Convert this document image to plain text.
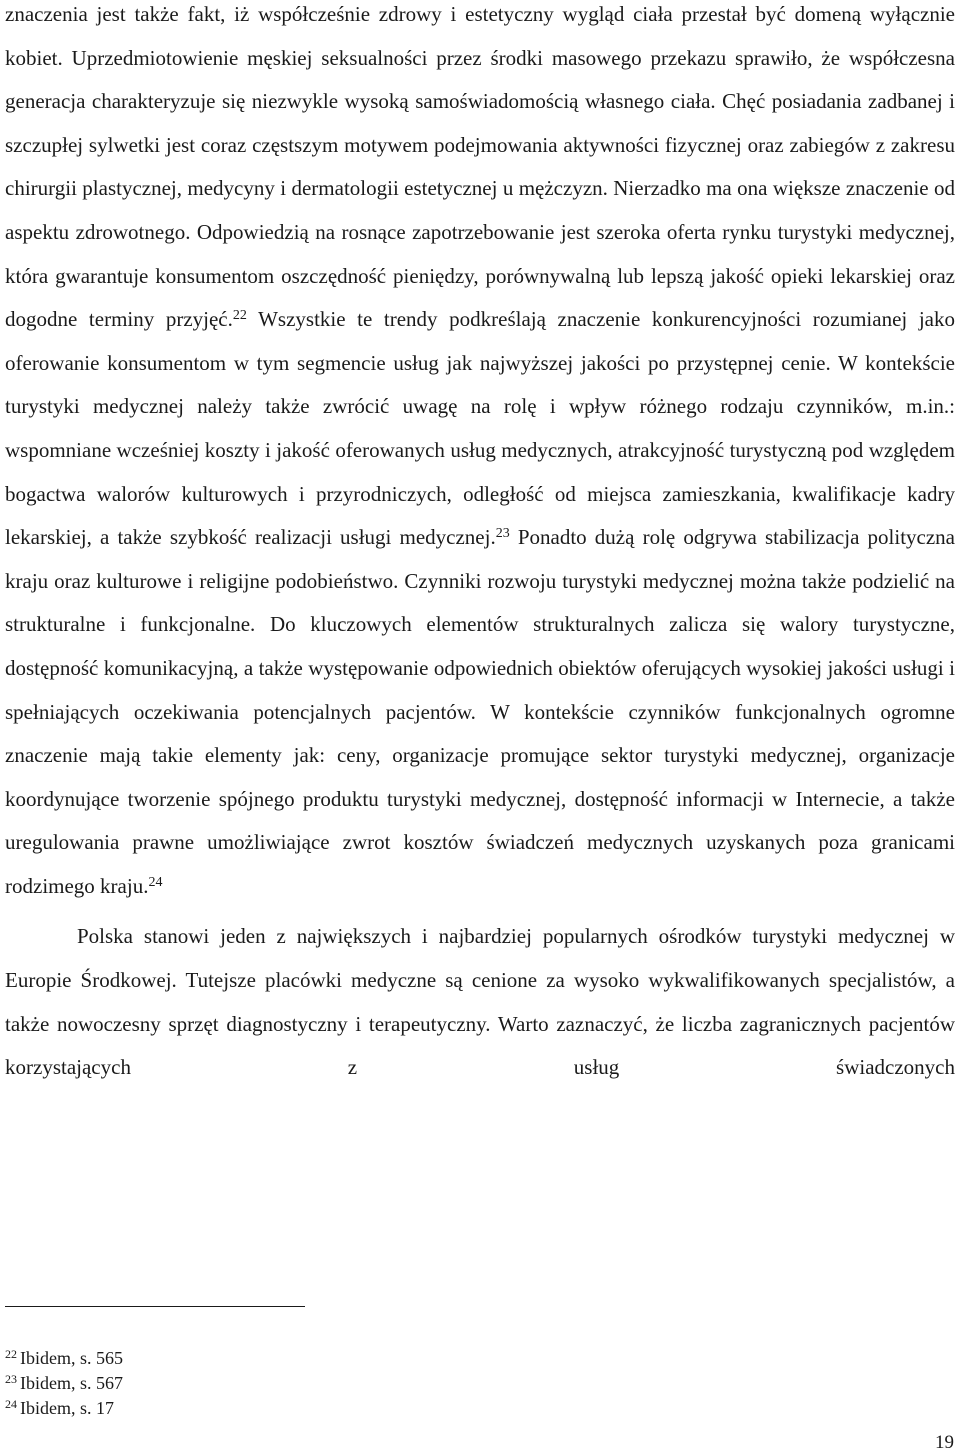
znaczenia jest także fakt, iż współcześnie zdrowy i estetyczny wygląd ciała przestał być domeną wyłącznie kobiet. Uprzedmiotowienie męskiej seksualności przez środki masowego przekazu sprawiło, że współczesna generacja charakteryzuje się niezwykle wysoką samoświadomością własnego ciała. Chęć posiadania zadbanej i szczupłej sylwetki jest coraz częstszym motywem podejmowania aktywności fizycznej oraz zabiegów z zakresu chirurgii plastycznej, medycyny i dermatologii estetycznej u mężczyzn. Nierzadko ma ona większe znaczenie od aspektu zdrowotnego. Odpowiedzią na rosnące zapotrzebowanie jest szeroka oferta rynku turystyki medycznej, która gwarantuje konsumentom oszczędność pieniędzy, porównywalną lub lepszą jakość opieki lekarskiej oraz dogodne terminy przyjęć.$^{22}$ Wszystkie te trendy podkreślają znaczenie konkurencyjności rozumianej jako oferowanie konsumentom w tym segmencie usług jak najwyższej jakości po przystępnej cenie. W kontekście turystyki medycznej należy także zwrócić uwagę na rolę i wpływ różnego rodzaju czynników, m.in.: wspomniane wcześniej koszty i jakość oferowanych usług medycznych, atrakcyjność turystyczną pod względem bogactwa walorów kulturowych i przyrodniczych, odległość od miejsca zamieszkania, kwalifikacje kadry lekarskiej, a także szybkość realizacji usługi medycznej.$^{23}$ Ponadto dużą rolę odgrywa stabilizacja polityczna kraju oraz kulturowe i religijne podobieństwo. Czynniki rozwoju turystyki medycznej można także podzielić na strukturalne i funkcjonalne. Do kluczowych elementów strukturalnych zalicza się walory turystyczne, dostępność komunikacyjną, a także występowanie odpowiednich obiektów oferujących wysokiej jakości usługi i spełniających oczekiwania potencjalnych pacjentów. W kontekście czynników funkcjonalnych ogromne znaczenie mają takie elementy jak: ceny, organizacje promujące sektor turystyki medycznej, organizacje koordynujące tworzenie spójnego produktu turystyki medycznej, dostępność informacji w Internecie, a także uregulowania prawne umożliwiające zwrot kosztów świadczeń medycznych uzyskanych poza granicami rodzimego kraju.$^{24}$

Polska stanowi jeden z największych i najbardziej popularnych ośrodków turystyki medycznej w Europie Środkowej. Tutejsze placówki medyczne są cenione za wysoko wykwalifikowanych specjalistów, a także nowoczesny sprzęt diagnostyczny i terapeutyczny. Warto zaznaczyć, że liczba zagranicznych pacjentów korzystających z usług świadczonych

$^{22}$ Ibidem, s. 565

$^{23}$ Ibidem, s. 567

$^{24}$ Ibidem, s. 17

19
